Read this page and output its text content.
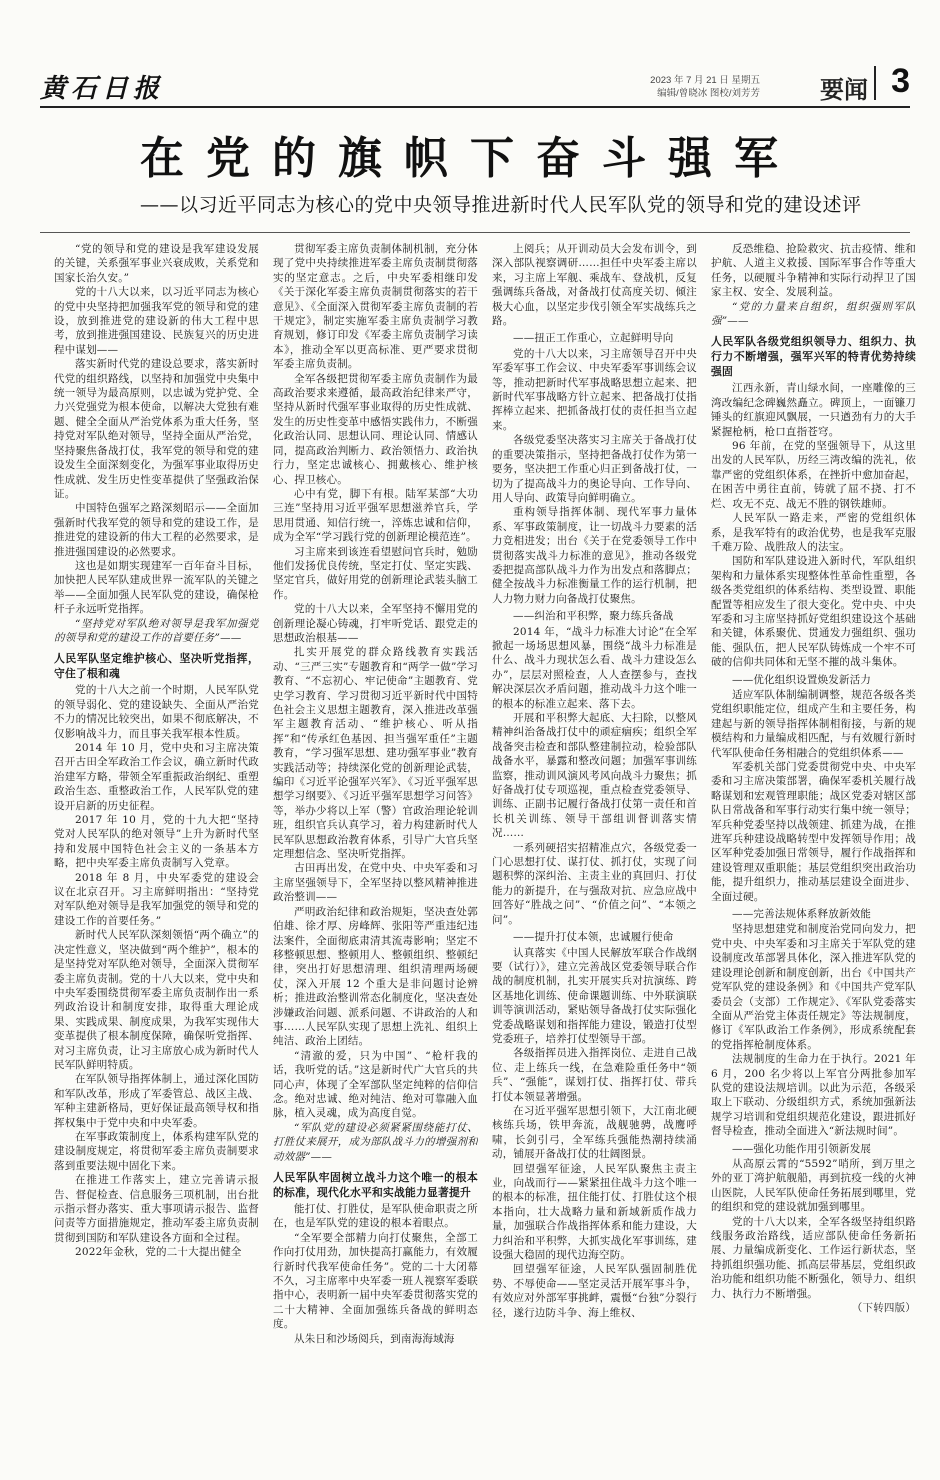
黄石日报	2023 年 7 月 21 日 星期五
编辑/曾晓冰 图校/刘芳芳	要闻 3
在党的旗帜下奋斗强军
——以习近平同志为核心的党中央领导推进新时代人民军队党的领导和党的建设述评

“党的领导和党的建设是我军建设发展的关键，关系强军事业兴衰成败，关系党和国家长治久安。”

党的十八大以来，以习近平同志为核心的党中央坚持把加强我军党的领导和党的建设，放到推进党的建设新的伟大工程中思考，放到推进强国建设、民族复兴的历史进程中谋划——

落实新时代党的建设总要求，落实新时代党的组织路线，以坚持和加强党中央集中统一领导为最高原则，以忠诚为党护党、全力兴党强党为根本使命，以解决大党独有难题、健全全面从严治党体系为重大任务，坚持党对军队绝对领导，坚持全面从严治党，坚持聚焦备战打仗，我军党的领导和党的建设发生全面深刻变化，为强军事业取得历史性成就、发生历史性变革提供了坚强政治保证。

中国特色强军之路深刻昭示——全面加强新时代我军党的领导和党的建设工作，是推进党的建设新的伟大工程的必然要求，是推进强国建设的必然要求。

这也是如期实现建军一百年奋斗目标，加快把人民军队建成世界一流军队的关键之举——全面加强人民军队党的建设，确保枪杆子永远听党指挥。

“坚持党对军队绝对领导是我军加强党的领导和党的建设工作的首要任务”——

人民军队坚定维护核心、坚决听党指挥，守住了根和魂

党的十八大之前一个时期，人民军队党的领导弱化、党的建设缺失、全面从严治党不力的情况比较突出，如果不彻底解决，不仅影响战斗力，而且事关我军根本性质。

2014 年 10 月，党中央和习主席决策召开古田全军政治工作会议，确立新时代政治建军方略，带领全军重振政治纲纪、重塑政治生态、重整政治工作，人民军队党的建设开启新的历史征程。

2017 年 10 月，党的十九大把“坚持党对人民军队的绝对领导”上升为新时代坚持和发展中国特色社会主义的一条基本方略，把中央军委主席负责制写入党章。

2018 年 8 月，中央军委党的建设会议在北京召开。习主席鲜明指出：“坚持党对军队绝对领导是我军加强党的领导和党的建设工作的首要任务。”

新时代人民军队深刻领悟“两个确立”的决定性意义，坚决做到“两个维护”，根本的是坚持党对军队绝对领导，全面深入贯彻军委主席负责制。党的十八大以来，党中央和中央军委围绕贯彻军委主席负责制作出一系列政治设计和制度安排，取得重大理论成果、实践成果、制度成果，为我军实现伟大变革提供了根本制度保障，确保听党指挥、对习主席负责，让习主席放心成为新时代人民军队鲜明特质。

在军队领导指挥体制上，通过深化国防和军队改革，形成了军委管总、战区主战、军种主建新格局，更好保证最高领导权和指挥权集中于党中央和中央军委。

在军事政策制度上，体系构建军队党的建设制度规定，将贯彻军委主席负责制要求落到重要法规中固化下来。

在推进工作落实上，建立完善请示报告、督促检查、信息服务三项机制，出台批示指示督办落实、重大事项请示报告、监督问责等方面措施规定，推动军委主席负责制贯彻到国防和军队建设各方面和全过程。

2022年金秋，党的二十大提出健全

贯彻军委主席负责制体制机制，充分体现了党中央持续推进军委主席负责制贯彻落实的坚定意志。之后，中央军委相继印发《关于深化军委主席负责制贯彻落实的若干意见》、《全面深入贯彻军委主席负责制的若干规定》，制定实施军委主席负责制学习教育规划，修订印发《军委主席负责制学习读本》，推动全军以更高标准、更严要求贯彻军委主席负责制。

全军各级把贯彻军委主席负责制作为最高政治要求来遵循，最高政治纪律来严守，坚持从新时代强军事业取得的历史性成就、发生的历史性变革中感悟实践伟力，不断强化政治认同、思想认同、理论认同、情感认同，提高政治判断力、政治领悟力、政治执行力，坚定忠诚核心、拥戴核心、维护核心、捍卫核心。

心中有党，脚下有根。陆军某部“大功三连”坚持用习近平强军思想滋养官兵，学思用贯通、知信行统一，淬炼忠诚和信仰，成为全军“学习践行党的创新理论模范连”。

习主席来到该连看望慰问官兵时，勉励他们发扬优良传统，坚定打仗、坚定实践、坚定官兵，做好用党的创新理论武装头脑工作。

党的十八大以来，全军坚持不懈用党的创新理论凝心铸魂，打牢听党话、跟党走的思想政治根基——

扎实开展党的群众路线教育实践活动、“三严三实”专题教育和“两学一做”学习教育、“不忘初心、牢记使命”主题教育、党史学习教育、学习贯彻习近平新时代中国特色社会主义思想主题教育，深入推进改革强军主题教育活动、“维护核心、听从指挥”和“传承红色基因、担当强军重任”主题教育，“学习强军思想、建功强军事业”教育实践活动等；持续深化党的创新理论武装，编印《习近平论强军兴军》、《习近平强军思想学习纲要》、《习近平强军思想学习问答》等，举办少将以上军（警）官政治理论轮训班，组织官兵认真学习，着力构建新时代人民军队思想政治教育体系，引导广大官兵坚定理想信念、坚决听党指挥。

古田再出发，在党中央、中央军委和习主席坚强领导下，全军坚持以整风精神推进政治整训——

严明政治纪律和政治规矩，坚决查处郭伯雄、徐才厚、房峰辉、张阳等严重违纪违法案件，全面彻底肃清其流毒影响；坚定不移整顿思想、整顿用人、整顿组织、整顿纪律，突出打好思想清理、组织清理两场硬仗，深入开展 12 个重大是非问题讨论辨析；推进政治整训常态化制度化，坚决查处涉嫌政治问题、派系问题、不讲政治的人和事……人民军队实现了思想上洗礼、组织上纯洁、政治上团结。

“清澈的爱，只为中国”、“枪杆我的话，我听党的话。”这是新时代广大官兵的共同心声，体现了全军部队坚定纯粹的信仰信念。绝对忠诚、绝对纯洁、绝对可靠融入血脉，植入灵魂，成为高度自觉。

“军队党的建设必须紧紧围绕能打仗、打胜仗来展开，成为部队战斗力的增强剂和动效器”——

人民军队牢固树立战斗力这个唯一的根本的标准，现代化水平和实战能力显著提升

能打仗、打胜仗，是军队使命职责之所在，也是军队党的建设的根本着眼点。

“全军要全部精力向打仗聚焦，全部工作向打仗用劲，加快提高打赢能力，有效履行新时代我军使命任务”。党的二十大闭幕不久，习主席率中央军委一班人视察军委联指中心，表明新一届中央军委贯彻落实党的二十大精神、全面加强练兵备战的鲜明态度。

从朱日和沙场阅兵，到南海海域海

上阅兵；从开训动员大会发布训令，到深入部队视察调研……担任中央军委主席以来，习主席上军舰、乘战车、登战机，反复强调练兵备战，对备战打仗高度关切、倾注极大心血，以坚定步伐引领全军实战练兵之路。

——扭正工作重心，立起鲜明导向

党的十八大以来，习主席领导召开中央军委军事工作会议、中央军委军事训练会议等，推动把新时代军事战略思想立起来、把新时代军事战略方针立起来、把备战打仗指挥棒立起来、把抓备战打仗的责任担当立起来。

各级党委坚决落实习主席关于备战打仗的重要决策指示，坚持把备战打仗作为第一要务，坚决把工作重心归正到备战打仗，一切为了提高战斗力的奥论导向、工作导向、用人导向、政策导向鲜明确立。

重构领导指挥体制、现代军事力量体系、军事政策制度，让一切战斗力要素的活力竞相进发；出台《关于在党委领导工作中贯彻落实战斗力标准的意见》，推动各级党委把提高部队战斗力作为出发点和落脚点；健全按战斗力标准衡量工作的运行机制，把人力物力财力向备战打仗聚焦。

——纠治和平积弊，聚力练兵备战

2014 年，“战斗力标准大讨论”在全军掀起一场场思想风暴，围绕“战斗力标准是什么、战斗力现状怎么看、战斗力建设怎么办”，层层对照检查，人人查摆参与，查找解决深层次矛盾问题，推动战斗力这个唯一的根本的标准立起来、落下去。

开展和平积弊大起底、大扫除，以整风精神纠治备战打仗中的顽症痼疾；组织全军战备突击检查和部队整建制拉动，检验部队战备水平，暴露和整改问题；加强军事训练监察，推动训风演风考风向战斗力聚焦；抓好备战打仗专项巡视，重点检查党委领导、训练、正副书记履行备战打仗第一责任和首长机关训练、领导干部组训督训落实情况……

一系列硬招实招精准点穴，各级党委一门心思想打仗、谋打仗、抓打仗，实现了问题积弊的深纠治、主责主业的真回归、打仗能力的新提升，在与强敌对抗、应急应战中回答好“胜战之问”、“价值之问”、“本领之问”。

——提升打仗本领，忠诚履行使命

认真落实《中国人民解放军联合作战纲要（试行）》，建立完善战区党委领导联合作战的制度机制，扎实开展实兵对抗演练、跨区基地化训练、使命课题训练、中外联演联训等演训活动，紧贴领导备战打仗实际强化党委战略谋划和指挥能力建设，锻造打仗型党委班子，培养打仗型领导干部。

各级指挥员进入指挥岗位、走进自己战位、走上练兵一线，在急难险重任务中“领兵”、“强能”，谋划打仗、指挥打仗、带兵打仗本领显著增强。

在习近平强军思想引领下，大江南北硬核练兵场，铁甲奔流，战舰驰骋，战鹰呼啸，长剑引弓，全军练兵强能热潮持续涌动，铺展开备战打仗的壮阔图景。

回望强军征途，人民军队聚焦主责主业，向战而行——紧紧扭住战斗力这个唯一的根本的标准，扭住能打仗、打胜仗这个根本指向，壮大战略力量和新域新质作战力量，加强联合作战指挥体系和能力建设，大力纠治和平积弊，大抓实战化军事训练，建设强大稳固的现代边海空防。

回望强军征途，人民军队强固制胜优势、不辱使命——坚定灵活开展军事斗争，有效应对外部军事挑衅，震慑“台独”分裂行径，遂行边防斗争、海上维权、

反恐维稳、抢险救灾、抗击疫情、维和护航、人道主义救援、国际军事合作等重大任务，以硬履斗争精神和实际行动捍卫了国家主权、安全、发展利益。

“党的力量来自组织，组织强则军队强”——

人民军队各级党组织领导力、组织力、执行力不断增强，强军兴军的特青优势持续强固

江西永新，青山绿水间，一座雕像的三湾改编纪念碑巍然矗立。碑顶上，一面镰刀锤头的红旗迎风飘展，一只遒劲有力的大手紧握枪柄，枪口直指苍穹。

96 年前，在党的坚强领导下，从这里出发的人民军队，历经三湾改编的洗礼，依靠严密的党组织体系，在挫折中愈加奋起，在困苦中勇往直前，铸就了屈不挠、打不烂、攻无不克、战无不胜的钢铁雄师。

人民军队一路走来，严密的党组织体系，是我军特有的政治优势，也是我军克服千难万险、战胜敌人的法宝。

国防和军队建设进入新时代，军队组织架构和力量体系实现整体性革命性重塑，各级各类党组织的体系结构、类型设置、职能配置等相应发生了很大变化。党中央、中央军委和习主席坚持抓好党组织建设这个基础和关键，体系聚优、贯通发力强组织、强功能、强队伍，把人民军队铸炼成一个牢不可破的信仰共同体和无坚不摧的战斗集体。

——优化组织设置焕发新活力

适应军队体制编制调整，规范各级各类党组织职能定位，组成产生和主要任务，构建起与新的领导指挥体制相衔接，与新的规模结构和力量编成相匹配，与有效履行新时代军队使命任务相融合的党组织体系——

军委机关部门党委贯彻党中央、中央军委和习主席决策部署，确保军委机关履行战略谋划和宏观管理职能；战区党委对辖区部队日常战备和军事行动实行集中统一领导；军兵种党委坚持以战领建、抓建为战，在推进军兵种建设战略转型中发挥领导作用；战区军种党委加强日常领导，履行作战指挥和建设管理双重职能；基层党组织突出政治功能，提升组织力，推动基层建设全面进步、全面过硬。

——完善法规体系释放新效能

坚持思想建党和制度治党同向发力，把党中央、中央军委和习主席关于军队党的建设制度改革部署具体化，深入推进军队党的建设理论创新和制度创新，出台《中国共产党军队党的建设条例》和《中国共产党军队委员会（支部）工作规定》、《军队党委落实全面从严治党主体责任规定》等法规制度，修订《军队政治工作条例》，形成系统配套的党指挥枪制度体系。

法规制度的生命力在于执行。2021 年 6 月，200 名少将以上军官分两批参加军队党的建设法规培训。以此为示范，各级采取上下联动、分级组织方式，系统加强新法规学习培训和党组织规范化建设，跟进抓好督导检查，推动全面进入“新法规时间”。

——强化功能作用引领新发展

从高原云霄的“5592”哨所，到万里之外的亚丁湾护航舰船，再到抗疫一线的火神山医院，人民军队使命任务拓展到哪里，党的组织和党的建设就加强到哪里。

党的十八大以来，全军各级坚持组织路线服务政治路线，适应部队使命任务新拓展、力量编成新变化、工作运行新状态，坚持抓组织强功能、抓高层带基层，党组织政治功能和组织功能不断强化，领导力、组织力、执行力不断增强。

（下转四版）
